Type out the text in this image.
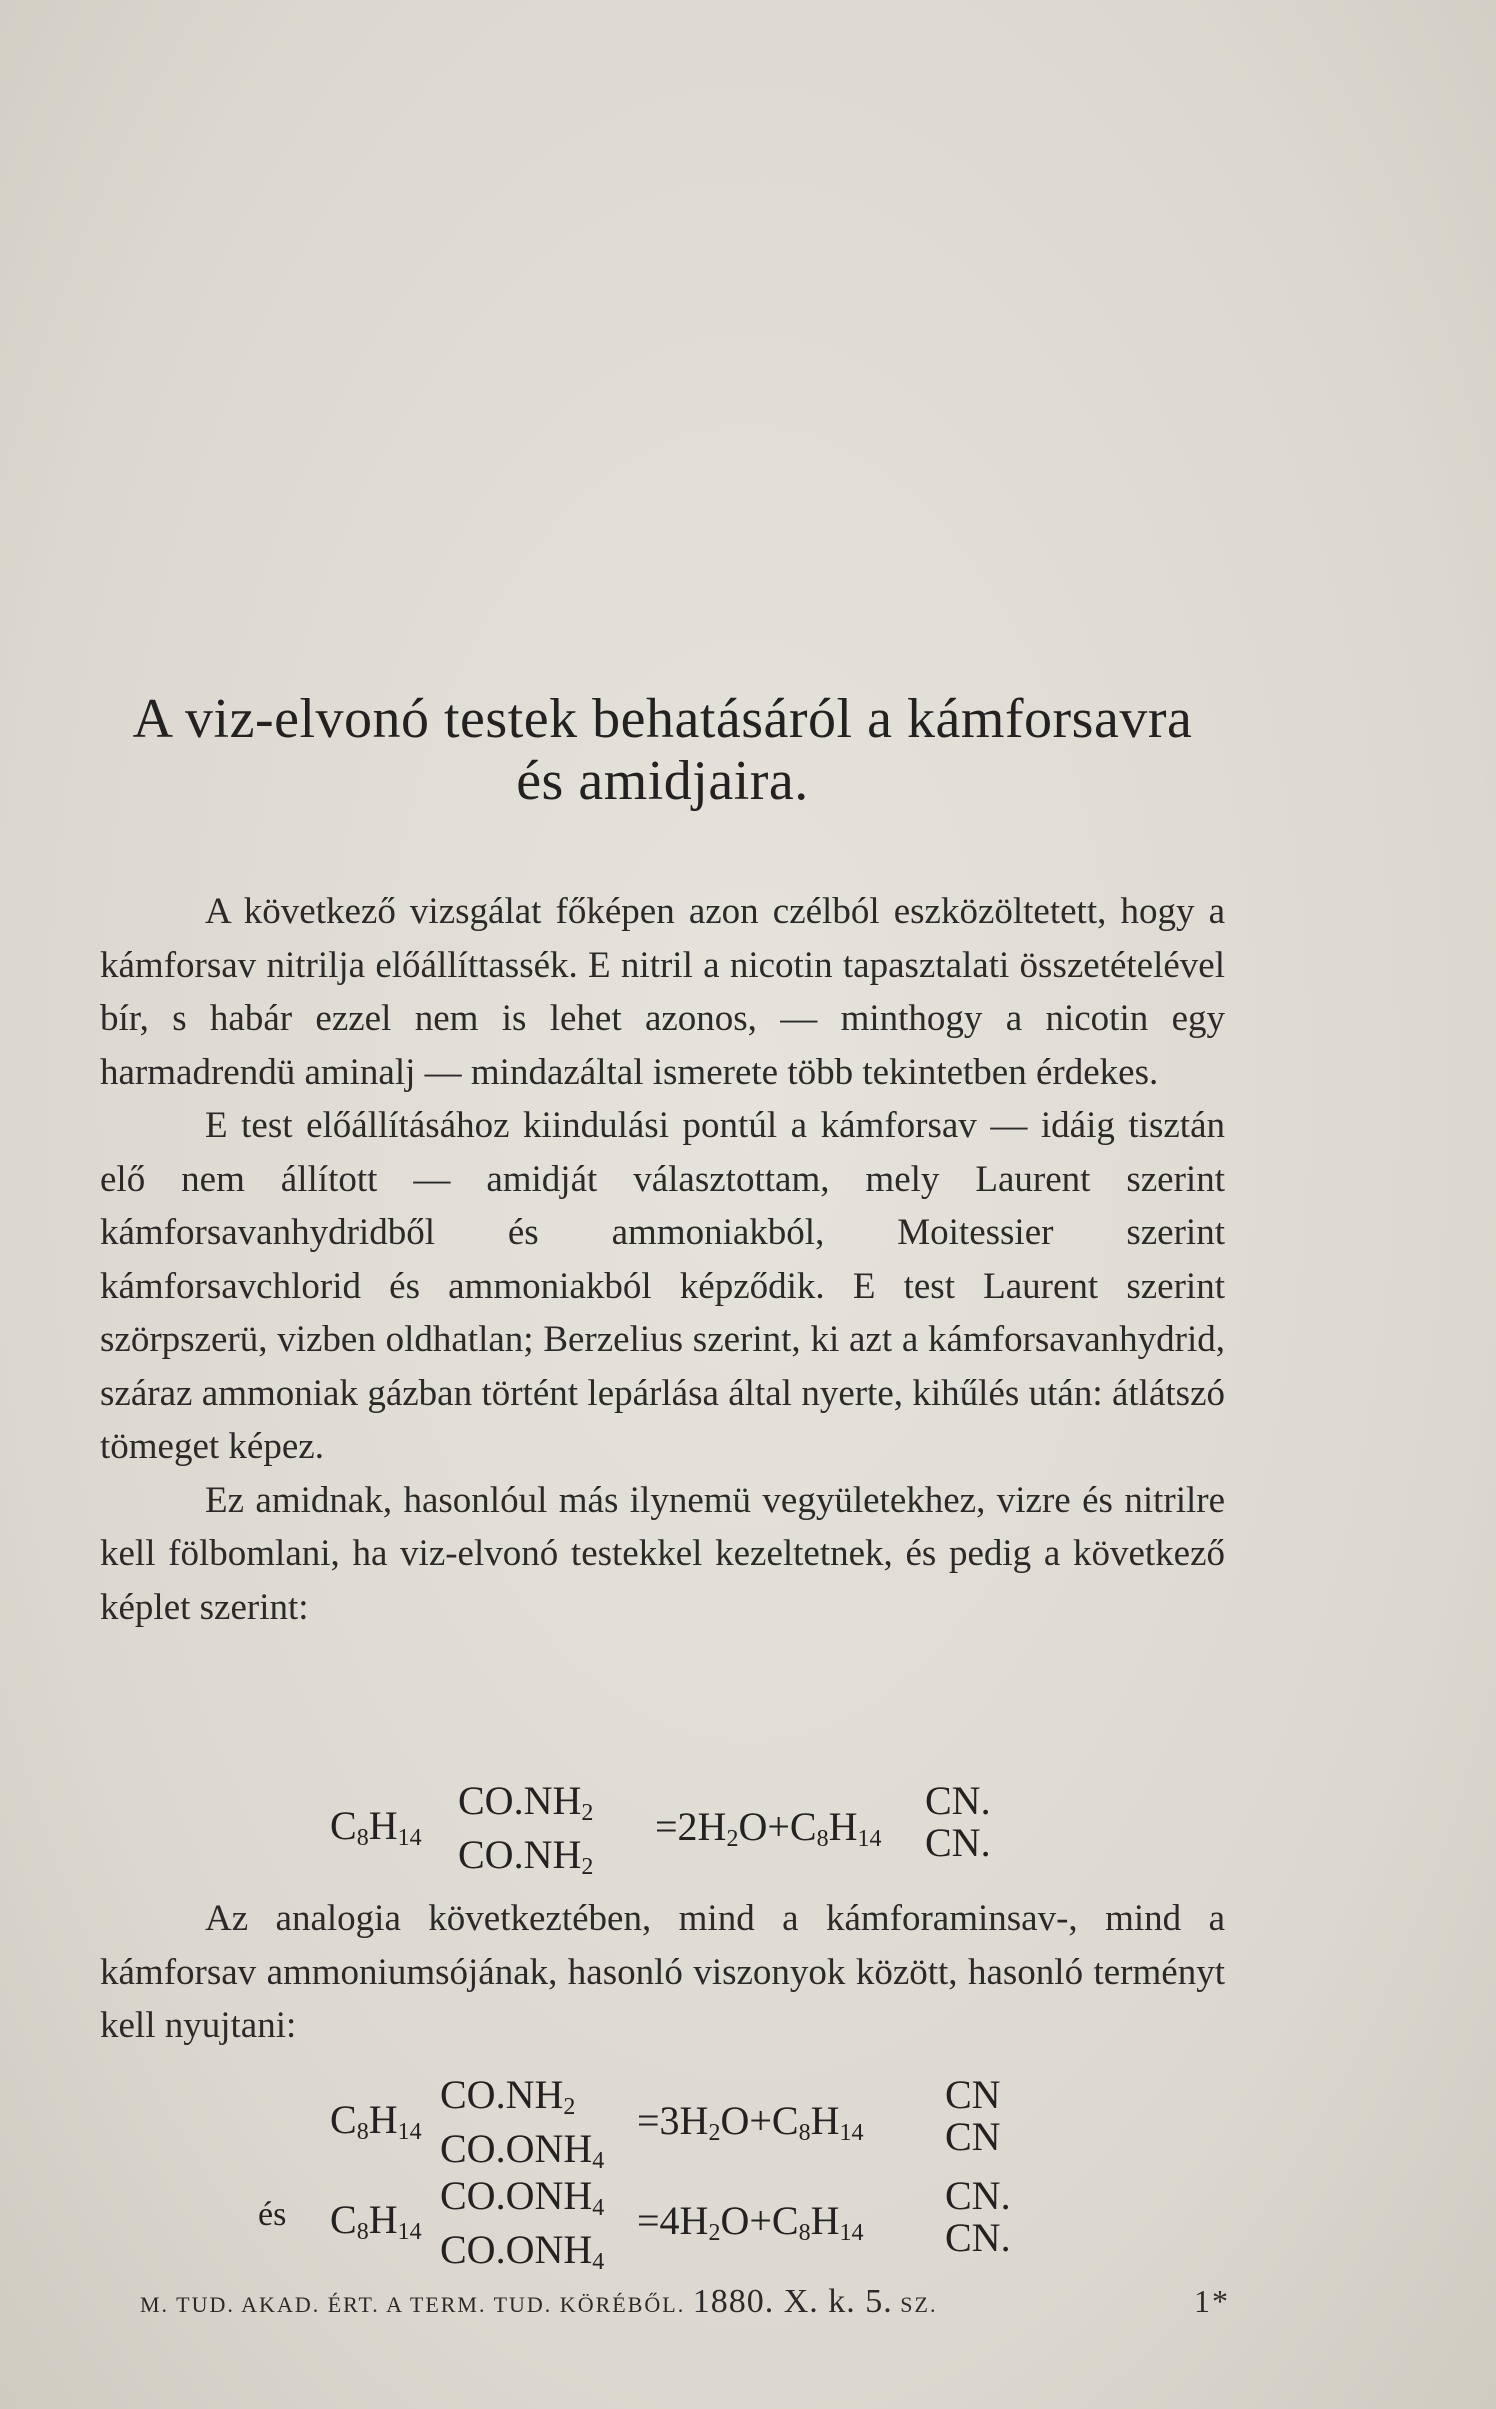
A viz-elvonó testek behatásáról a kámforsavra
és amidjaira.

A következő vizsgálat főképen azon czélból eszközöltetett, hogy a kámforsav nitrilja előállíttassék. E nitril a nicotin tapasztalati összetételével bír, s habár ezzel nem is lehet azonos, — minthogy a nicotin egy harmadrendü aminalj — mindazáltal ismerete több tekintetben érdekes.

E test előállításához kiindulási pontúl a kámforsav — idáig tisztán elő nem állított — amidját választottam, mely Laurent szerint kámforsavanhydridből és ammoniakból, Moitessier szerint kámforsavchlorid és ammoniakból képződik. E test Laurent szerint szörpszerü, vizben oldhatlan; Berzelius szerint, ki azt a kámforsavanhydrid, száraz ammoniak gázban történt lepárlása által nyerte, kihűlés után: átlátszó tömeget képez.

Ez amidnak, hasonlóul más ilynemü vegyületekhez, vizre és nitrilre kell fölbomlani, ha viz-elvonó testekkel kezeltetnek, és pedig a következő képlet szerint:

$C_8H_{14}$
$CO.NH_2$
$CO.NH_2$
$=2H_2O+C_8H_{14}$
CN.
CN.

Az analogia következtében, mind a kámforaminsav-, mind a kámforsav ammoniumsójának, hasonló viszonyok között, hasonló terményt kell nyujtani:

$C_8H_{14}$
$CO.NH_2$
$CO.ONH_4$
$=3H_2O+C_8H_{14}$
CN
CN
és $C_8H_{14}$
$CO.ONH_4$
$CO.ONH_4$
$=4H_2O+C_8H_{14}$
CN.
CN.
M. TUD. AKAD. ÉRT. A TERM. TUD. KÖRÉBŐL. 1880. X. k. 5. SZ.	1*
